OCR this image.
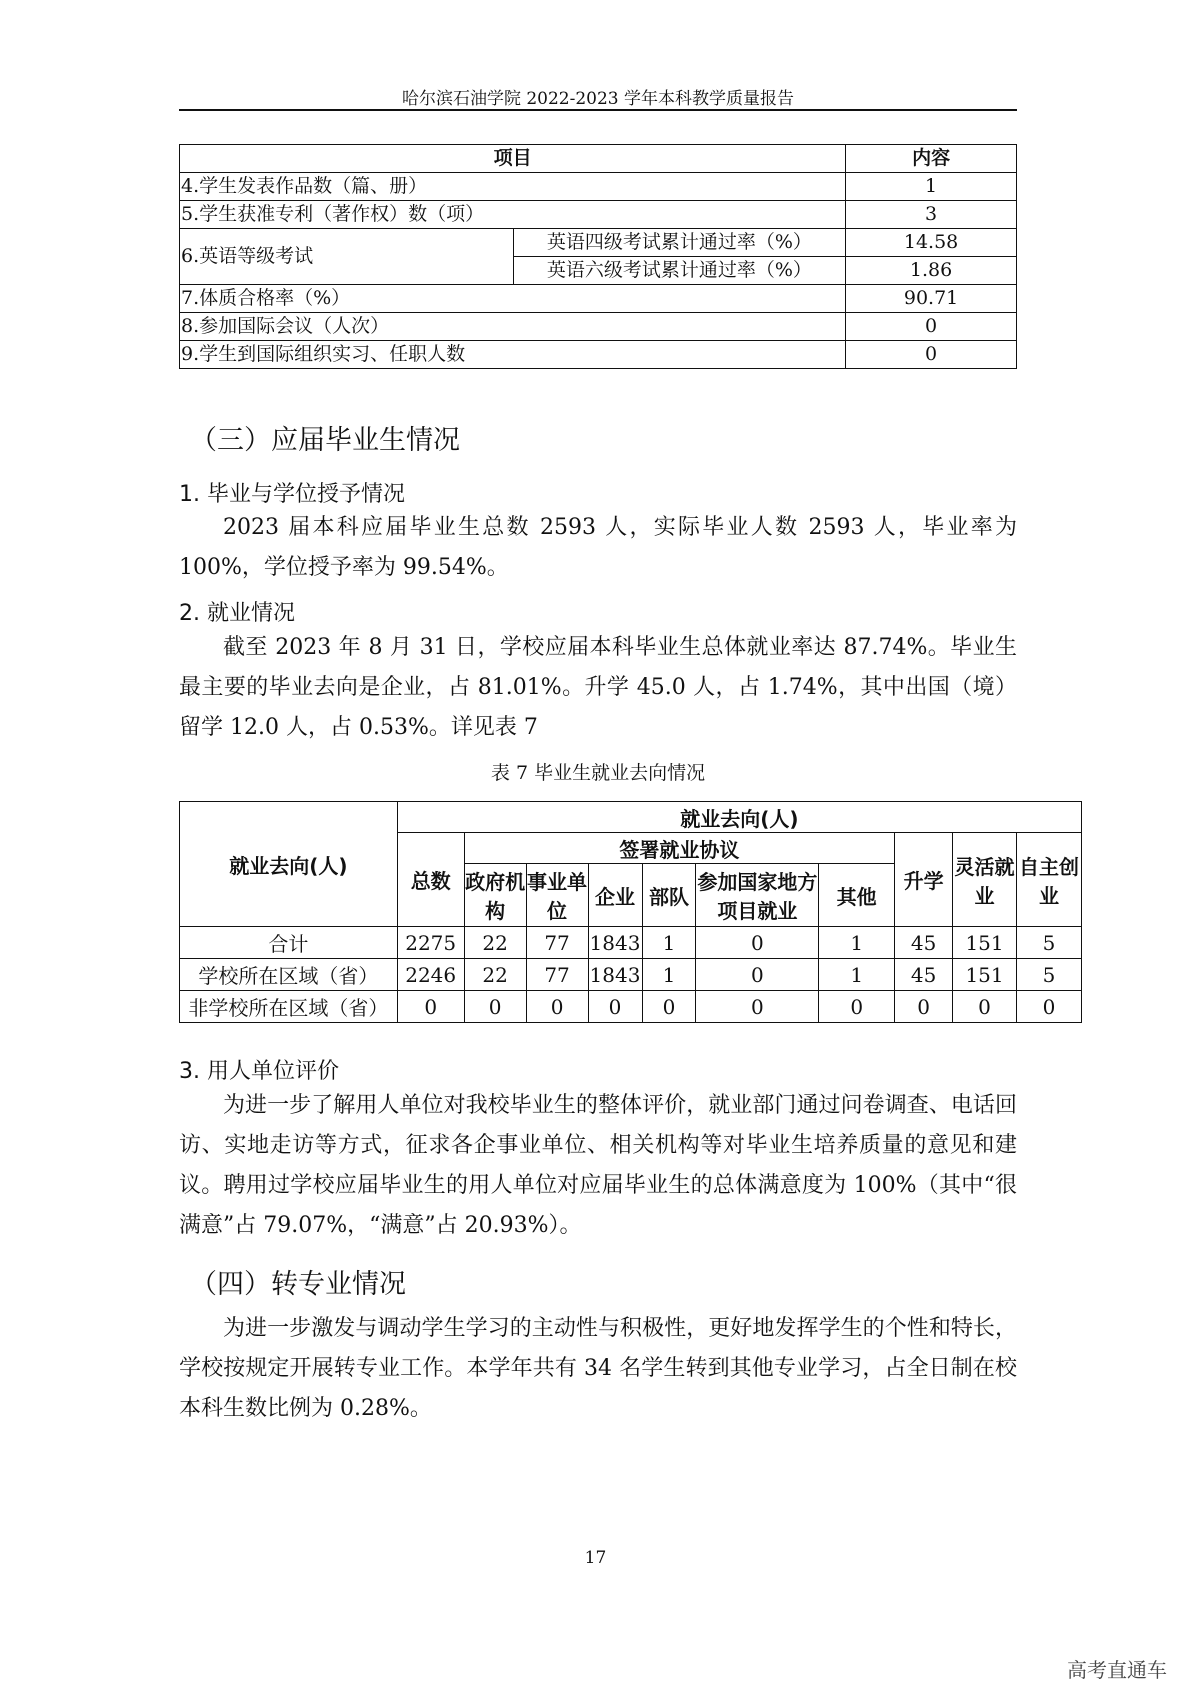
哈尔滨石油学院 2022-2023 学年本科教学质量报告
项目		内容
4.学生发表作品数（篇、册）		1
5.学生获准专利（著作权）数（项）		3
6.英语等级考试	英语四级考试累计通过率（%）	14.58
	英语六级考试累计通过率（%）	1.86
7.体质合格率（%）		90.71
8.参加国际会议（人次）		0
9.学生到国际组织实习、任职人数		0
（三）应届毕业生情况
1. 毕业与学位授予情况
2023 届本科应届毕业生总数 2593 人，实际毕业人数 2593 人，毕业率为 100%，学位授予率为 99.54%。
2. 就业情况
截至 2023 年 8 月 31 日，学校应届本科毕业生总体就业率达 87.74%。毕业生最主要的毕业去向是企业，占 81.01%。升学 45.0 人，占 1.74%，其中出国（境）留学 12.0 人，占 0.53%。详见表 7
表 7 毕业生就业去向情况
就业去向(人)	就业去向(人)									
	总数	签署就业协议						升学	灵活就业	自主创业
		政府机构	事业单位	企业	部队	参加国家地方项目就业	其他			
合计	2275	22	77	1843	1	0	1	45	151	5
学校所在区域（省）	2246	22	77	1843	1	0	1	45	151	5
非学校所在区域（省）	0	0	0	0	0	0	0	0	0	0
3. 用人单位评价
为进一步了解用人单位对我校毕业生的整体评价，就业部门通过问卷调查、电话回访、实地走访等方式，征求各企事业单位、相关机构等对毕业生培养质量的意见和建议。聘用过学校应届毕业生的用人单位对应届毕业生的总体满意度为 100%（其中“很满意”占 79.07%，“满意”占 20.93%）。
（四）转专业情况
为进一步激发与调动学生学习的主动性与积极性，更好地发挥学生的个性和特长，学校按规定开展转专业工作。本学年共有 34 名学生转到其他专业学习，占全日制在校本科生数比例为 0.28%。
17
高考直通车
